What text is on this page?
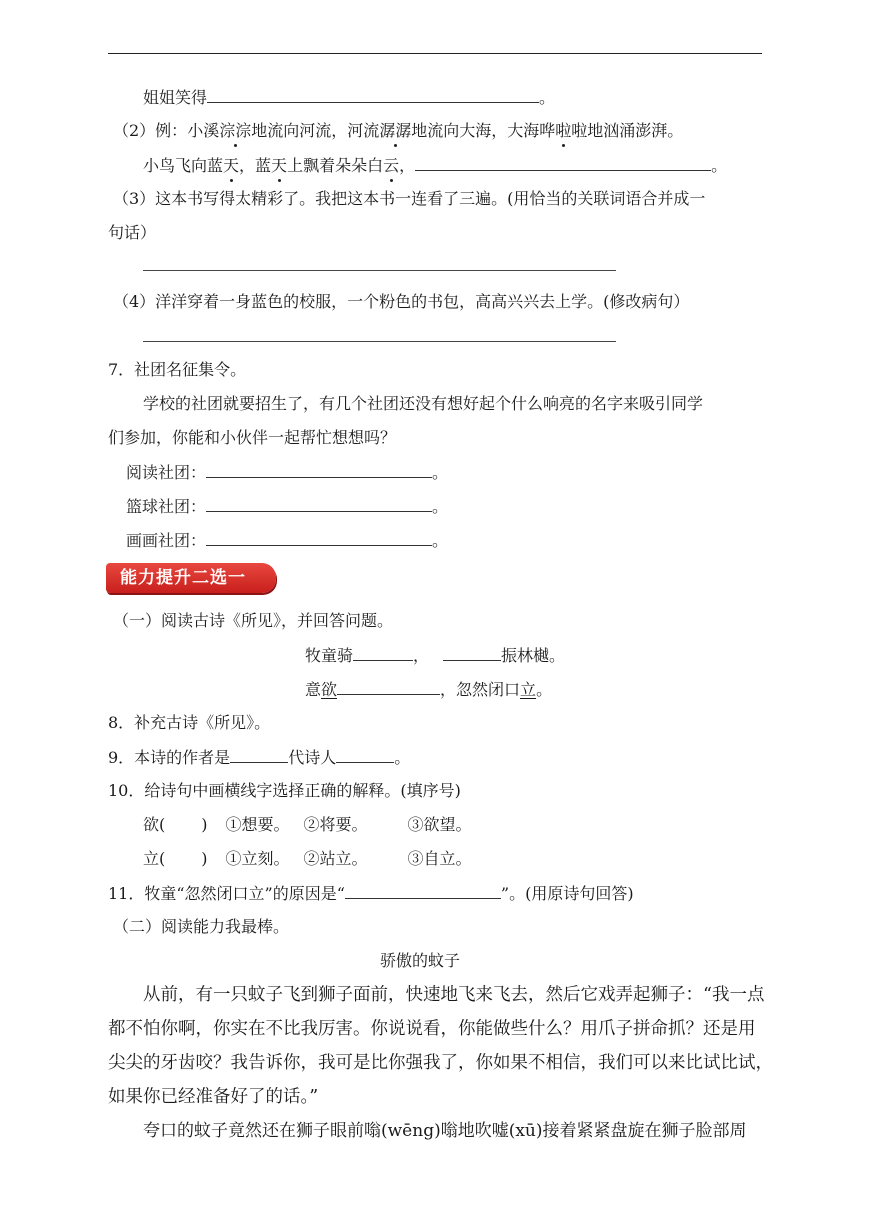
姐姐笑得	。
（2）例：小溪淙淙地流向河流，河流潺潺地流向大海，大海哗啦啦地汹涌澎湃。
小鸟飞向蓝天，蓝天上飘着朵朵白云，	。
（3）这本书写得太精彩了。我把这本书一连看了三遍。(用恰当的关联词语合并成一
句话）
（4）洋洋穿着一身蓝色的校服，一个粉色的书包，高高兴兴去上学。(修改病句）
7．社团名征集令。
学校的社团就要招生了，有几个社团还没有想好起个什么响亮的名字来吸引同学
们参加，你能和小伙伴一起帮忙想想吗？
阅读社团：	。
篮球社团：	。
画画社团：	。
能力提升二选一
（一）阅读古诗《所见》，并回答问题。
牧童骑	，	振林樾。
意欲	，忽然闭口立。
8．补充古诗《所见》。
9．本诗的作者是	代诗人	。
10．给诗句中画横线字选择正确的解释。(填序号)
欲( ) ①想要。 ②将要。	③欲望。
立( ) ①立刻。 ②站立。	③自立。
11．牧童“忽然闭口立”的原因是“	”。(用原诗句回答)
（二）阅读能力我最棒。
骄傲的蚊子
从前，有一只蚊子飞到狮子面前，快速地飞来飞去，然后它戏弄起狮子：“我一点
都不怕你啊，你实在不比我厉害。你说说看，你能做些什么？用爪子拼命抓？还是用
尖尖的牙齿咬？我告诉你，我可是比你强我了，你如果不相信，我们可以来比试比试，
如果你已经准备好了的话。”
夸口的蚊子竟然还在狮子眼前嗡(wēng)嗡地吹嘘(xū)接着紧紧盘旋在狮子脸部周
